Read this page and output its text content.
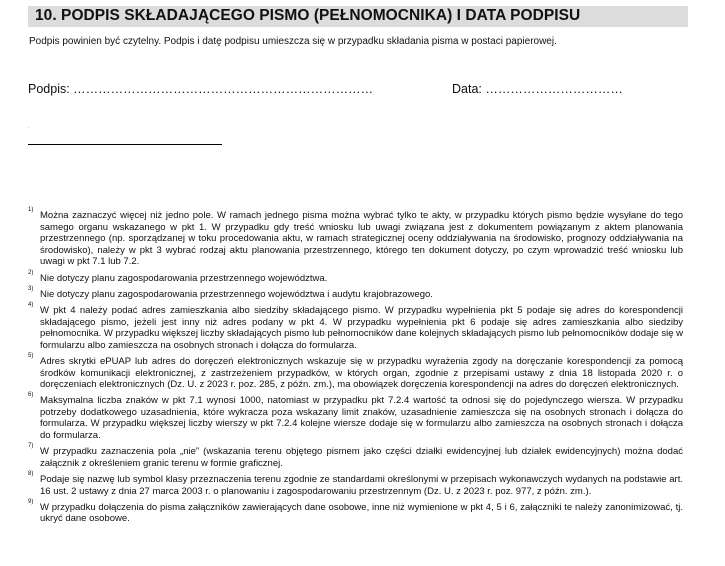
10. PODPIS SKŁADAJĄCEGO PISMO (PEŁNOMOCNIKA) I DATA PODPISU
Podpis powinien być czytelny. Podpis i datę podpisu umieszcza się w przypadku składania pisma w postaci papierowej.
Podpis: ………………………………………………………………	Data: ……………………………
.
1) Można zaznaczyć więcej niż jedno pole. W ramach jednego pisma można wybrać tylko te akty, w przypadku których pismo będzie wysyłane do tego samego organu wskazanego w pkt 1. W przypadku gdy treść wniosku lub uwagi związana jest z dokumentem powiązanym z aktem planowania przestrzennego (np. sporządzanej w toku procedowania aktu, w ramach strategicznej oceny oddziaływania na środowisko, prognozy oddziaływania na środowisko), należy w pkt 3 wybrać rodzaj aktu planowania przestrzennego, którego ten dokument dotyczy, po czym wprowadzić treść wniosku lub uwagi w pkt 7.1 lub 7.2.
2) Nie dotyczy planu zagospodarowania przestrzennego województwa.
3) Nie dotyczy planu zagospodarowania przestrzennego województwa i audytu krajobrazowego.
4) W pkt 4 należy podać adres zamieszkania albo siedziby składającego pismo. W przypadku wypełnienia pkt 5 podaje się adres do korespondencji składającego pismo, jeżeli jest inny niż adres podany w pkt 4. W przypadku wypełnienia pkt 6 podaje się adres zamieszkania albo siedziby pełnomocnika. W przypadku większej liczby składających pismo lub pełnomocników dane kolejnych składających pismo lub pełnomocników dodaje się w formularzu albo zamieszcza na osobnych stronach i dołącza do formularza.
5) Adres skrytki ePUAP lub adres do doręczeń elektronicznych wskazuje się w przypadku wyrażenia zgody na doręczanie korespondencji za pomocą środków komunikacji elektronicznej, z zastrzeżeniem przypadków, w których organ, zgodnie z przepisami ustawy z dnia 18 listopada 2020 r. o doręczeniach elektronicznych (Dz. U. z 2023 r. poz. 285, z późn. zm.), ma obowiązek doręczenia korespondencji na adres do doręczeń elektronicznych.
6) Maksymalna liczba znaków w pkt 7.1 wynosi 1000, natomiast w przypadku pkt 7.2.4 wartość ta odnosi się do pojedynczego wiersza. W przypadku potrzeby dodatkowego uzasadnienia, które wykracza poza wskazany limit znaków, uzasadnienie zamieszcza się na osobnych stronach i dołącza do formularza. W przypadku większej liczby wierszy w pkt 7.2.4 kolejne wiersze dodaje się w formularzu albo zamieszcza na osobnych stronach i dołącza do formularza.
7) W przypadku zaznaczenia pola „nie” (wskazania terenu objętego pismem jako części działki ewidencyjnej lub działek ewidencyjnych) można dodać załącznik z określeniem granic terenu w formie graficznej.
8) Podaje się nazwę lub symbol klasy przeznaczenia terenu zgodnie ze standardami określonymi w przepisach wykonawczych wydanych na podstawie art. 16 ust. 2 ustawy z dnia 27 marca 2003 r. o planowaniu i zagospodarowaniu przestrzennym (Dz. U. z 2023 r. poz. 977, z późn. zm.).
9) W przypadku dołączenia do pisma załączników zawierających dane osobowe, inne niż wymienione w pkt 4, 5 i 6, załączniki te należy zanonimizować, tj. ukryć dane osobowe.
